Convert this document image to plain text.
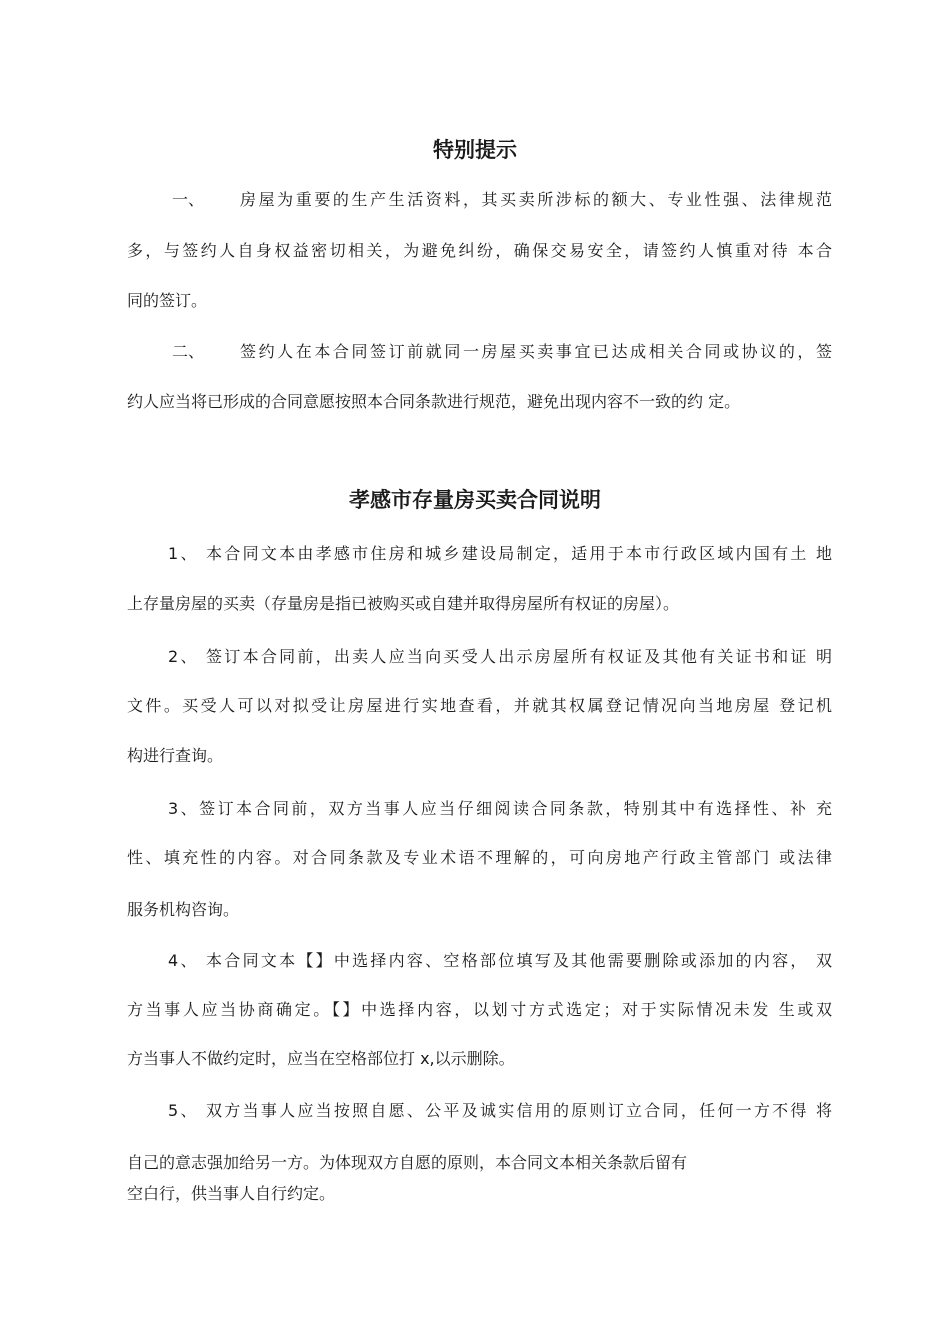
特别提示

一、	房屋为重要的生产生活资料，其买卖所涉标的额大、专业性强、法律规范

多，与签约人自身权益密切相关，为避免纠纷，确保交易安全，请签约人慎重对待 本合

同的签订。

二、	签约人在本合同签订前就同一房屋买卖事宜已达成相关合同或协议的，签

约人应当将已形成的合同意愿按照本合同条款进行规范，避免出现内容不一致的约 定。

孝感市存量房买卖合同说明

1、 本合同文本由孝感市住房和城乡建设局制定，适用于本市行政区域内国有土 地

上存量房屋的买卖（存量房是指已被购买或自建并取得房屋所有权证的房屋）。

2、 签订本合同前，出卖人应当向买受人出示房屋所有权证及其他有关证书和证 明

文件。买受人可以对拟受让房屋进行实地查看，并就其权属登记情况向当地房屋 登记机

构进行查询。

3、签订本合同前，双方当事人应当仔细阅读合同条款，特别其中有选择性、补 充

性、填充性的内容。对合同条款及专业术语不理解的，可向房地产行政主管部门 或法律

服务机构咨询。

4、 本合同文本【】中选择内容、空格部位填写及其他需要删除或添加的内容， 双

方当事人应当协商确定。【】中选择内容，以划寸方式选定；对于实际情况未发 生或双

方当事人不做约定时，应当在空格部位打 x,以示删除。

5、 双方当事人应当按照自愿、公平及诚实信用的原则订立合同，任何一方不得 将

自己的意志强加给另一方。为体现双方自愿的原则，本合同文本相关条款后留有

空白行，供当事人自行约定。
